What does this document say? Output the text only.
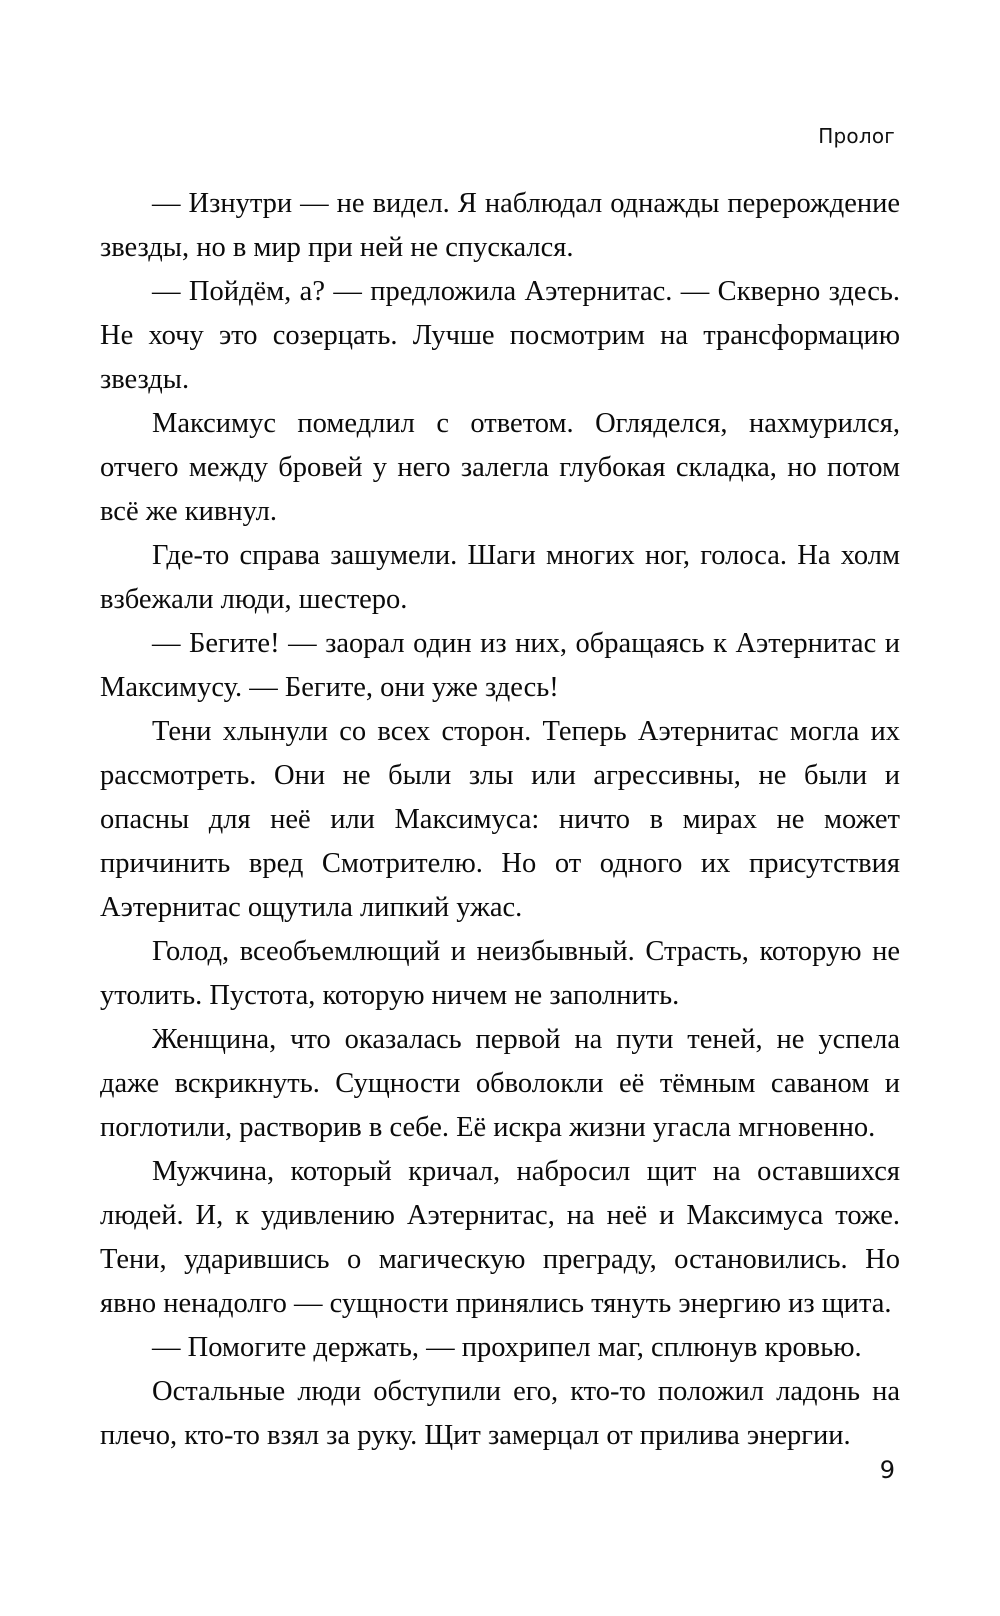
Пролог

— Изнутри — не видел. Я наблюдал однажды перерождение звезды, но в мир при ней не спускался.

— Пойдём, а? — предложила Аэтернитас. — Скверно здесь. Не хочу это созерцать. Лучше посмотрим на трансформацию звезды.

Максимус помедлил с ответом. Огляделся, нахмурился, отчего между бровей у него залегла глубокая складка, но потом всё же кивнул.

Где-то справа зашумели. Шаги многих ног, голоса. На холм взбежали люди, шестеро.

— Бегите! — заорал один из них, обращаясь к Аэтернитас и Максимусу. — Бегите, они уже здесь!

Тени хлынули со всех сторон. Теперь Аэтернитас могла их рассмотреть. Они не были злы или агрессивны, не были и опасны для неё или Максимуса: ничто в мирах не может причинить вред Смотрителю. Но от одного их присутствия Аэтернитас ощутила липкий ужас.

Голод, всеобъемлющий и неизбывный. Страсть, которую не утолить. Пустота, которую ничем не заполнить.

Женщина, что оказалась первой на пути теней, не успела даже вскрикнуть. Сущности обволокли её тёмным саваном и поглотили, растворив в себе. Её искра жизни угасла мгновенно.

Мужчина, который кричал, набросил щит на оставшихся людей. И, к удивлению Аэтернитас, на неё и Максимуса тоже. Тени, ударившись о магическую преграду, остановились. Но явно ненадолго — сущности принялись тянуть энергию из щита.

— Помогите держать, — прохрипел маг, сплюнув кровью.

Остальные люди обступили его, кто-то положил ладонь на плечо, кто-то взял за руку. Щит замерцал от прилива энергии.

9
